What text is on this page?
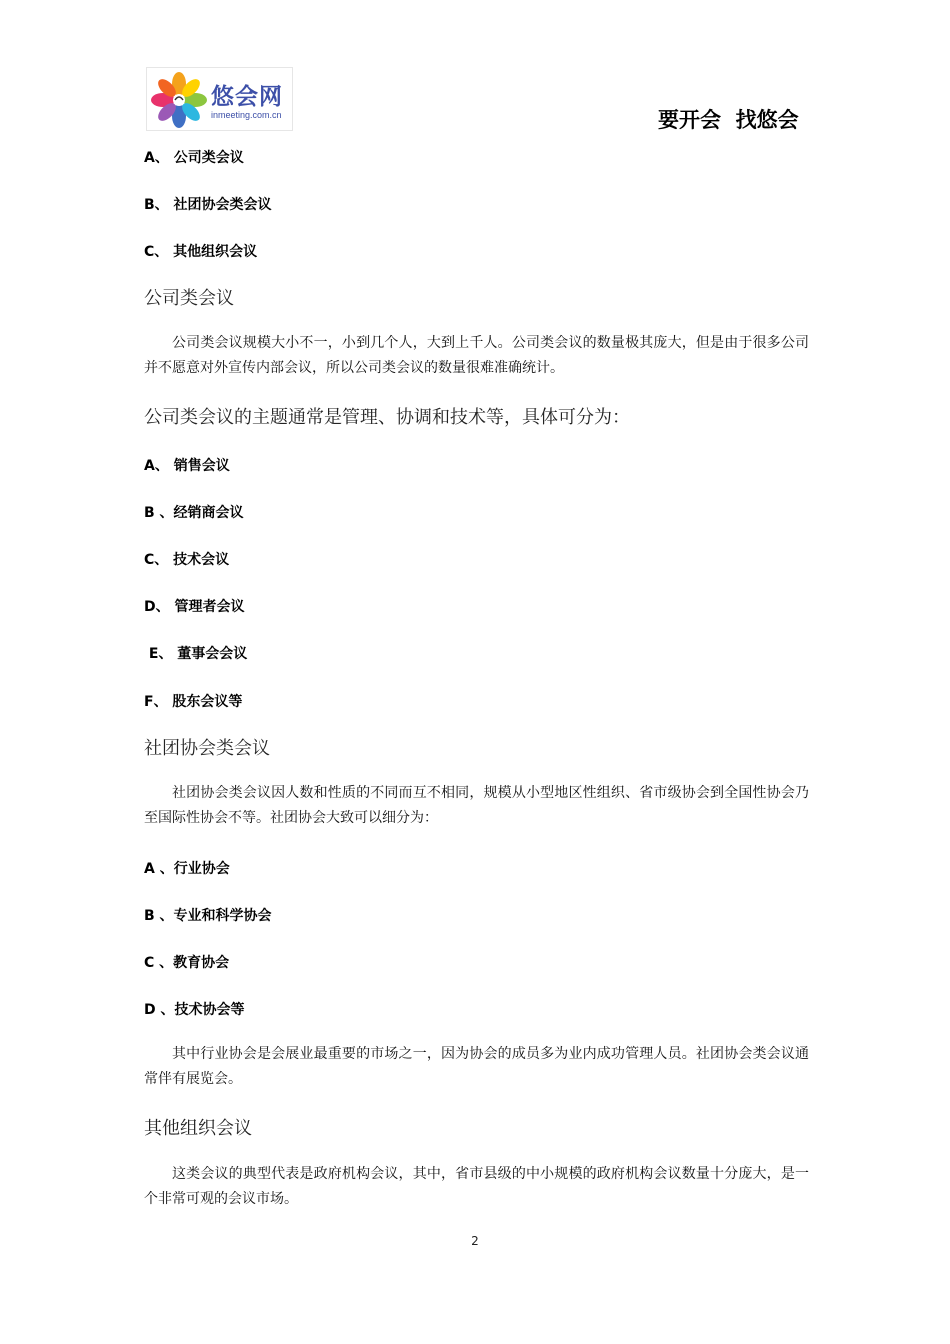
悠会网
inmeeting.com.cn	要开会  找悠会
A、 公司类会议
B、 社团协会类会议
C、 其他组织会议
公司类会议
公司类会议规模大小不一，小到几个人，大到上千人。公司类会议的数量极其庞大，但是由于很多公司并不愿意对外宣传内部会议，所以公司类会议的数量很难准确统计。
公司类会议的主题通常是管理、协调和技术等，具体可分为：
A、 销售会议
B 、经销商会议
C、 技术会议
D、 管理者会议
E、 董事会会议
F、 股东会议等
社团协会类会议
社团协会类会议因人数和性质的不同而互不相同，规模从小型地区性组织、省市级协会到全国性协会乃至国际性协会不等。社团协会大致可以细分为：
A 、行业协会
B 、专业和科学协会
C 、教育协会
D 、技术协会等
其中行业协会是会展业最重要的市场之一，因为协会的成员多为业内成功管理人员。社团协会类会议通常伴有展览会。
其他组织会议
这类会议的典型代表是政府机构会议，其中，省市县级的中小规模的政府机构会议数量十分庞大，是一个非常可观的会议市场。
2
